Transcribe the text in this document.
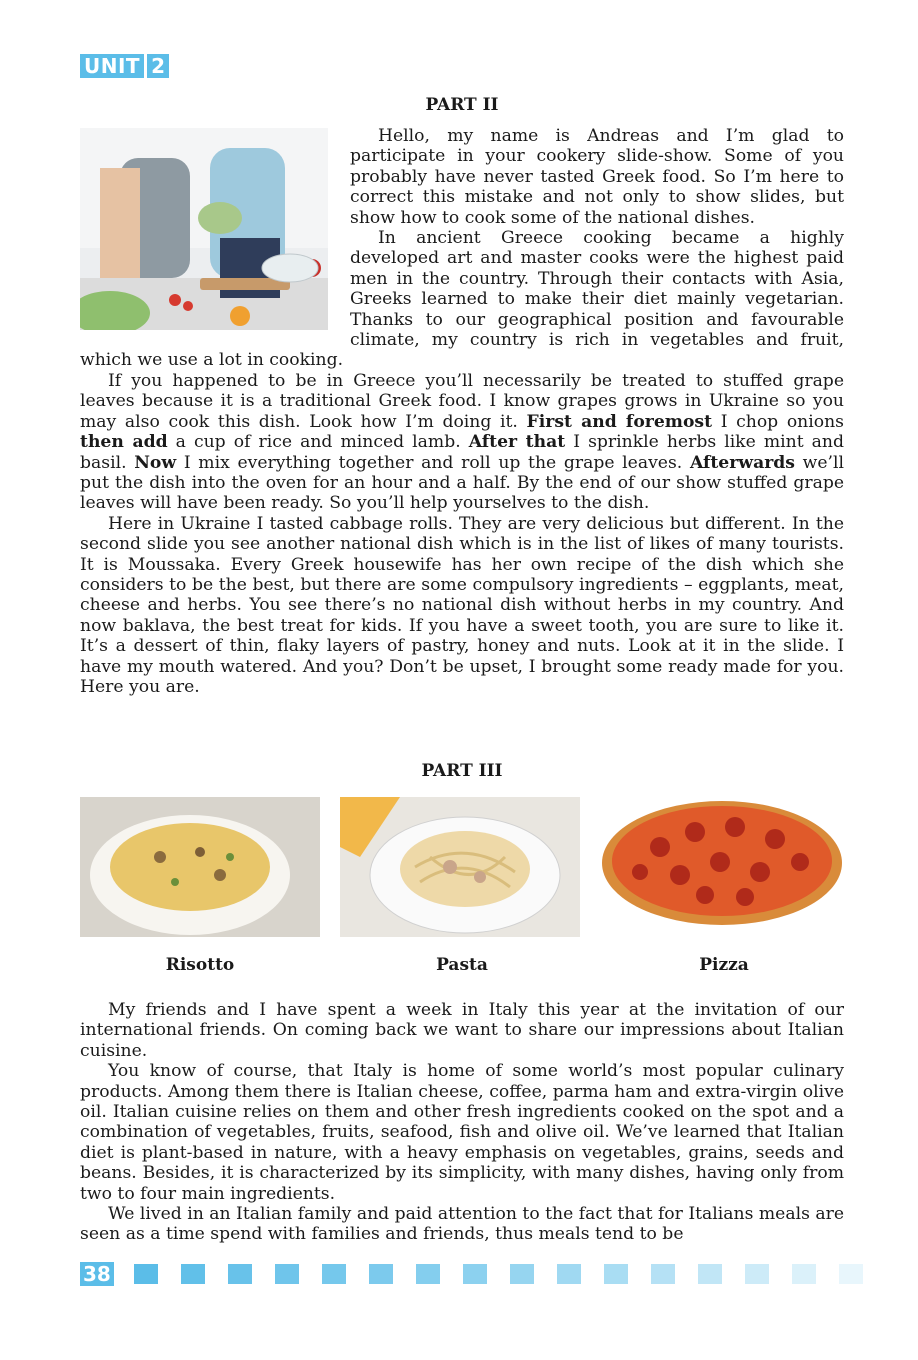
UNIT 2
PART II

Hello, my name is Andreas and I’m glad to participate in your cookery slide-show. Some of you probably have never tasted Greek food. So I’m here to correct this mistake and not only to show slides, but show how to cook some of the national dishes.

In ancient Greece cooking became a highly developed art and master cooks were the highest paid men in the country. Through their contacts with Asia, Greeks learned to make their diet mainly vegetarian. Thanks to our geographical position and favourable climate, my country is rich in vegetables and fruit, which we use a lot in cooking.

If you happened to be in Greece you’ll necessarily be treated to stuffed grape leaves because it is a traditional Greek food. I know grapes grows in Ukraine so you may also cook this dish. Look how I’m doing it. First and foremost I chop onions then add a cup of rice and minced lamb. After that I sprinkle herbs like mint and basil. Now I mix everything together and roll up the grape leaves. Afterwards we’ll put the dish into the oven for an hour and a half. By the end of our show stuffed grape leaves will have been ready. So you’ll help yourselves to the dish.

Here in Ukraine I tasted cabbage rolls. They are very delicious but different. In the second slide you see another national dish which is in the list of likes of many tourists. It is Moussaka. Every Greek housewife has her own recipe of the dish which she considers to be the best, but there are some compulsory ingredients – eggplants, meat, cheese and herbs. You see there’s no national dish without herbs in my country. And now baklava, the best treat for kids. If you have a sweet tooth, you are sure to like it. It’s a dessert of thin, flaky layers of pastry, honey and nuts. Look at it in the slide. I have my mouth watered. And you? Don’t be upset, I brought some ready made for you. Here you are.

PART III
Risotto	Pasta	Pizza

My friends and I have spent a week in Italy this year at the invitation of our international friends. On coming back we want to share our impressions about Italian cuisine.

You know of course, that Italy is home of some world’s most popular culinary products. Among them there is Italian cheese, coffee, parma ham and extra-virgin olive oil. Italian cuisine relies on them and other fresh ingredients cooked on the spot and a combination of vegetables, fruits, seafood, fish and olive oil. We’ve learned that Italian diet is plant-based in nature, with a heavy emphasis on vegetables, grains, seeds and beans. Besides, it is characterized by its simplicity, with many dishes, having only from two to four main ingredients.

We lived in an Italian family and paid attention to the fact that for Italians meals are seen as a time spend with families and friends, thus meals tend to be

38
